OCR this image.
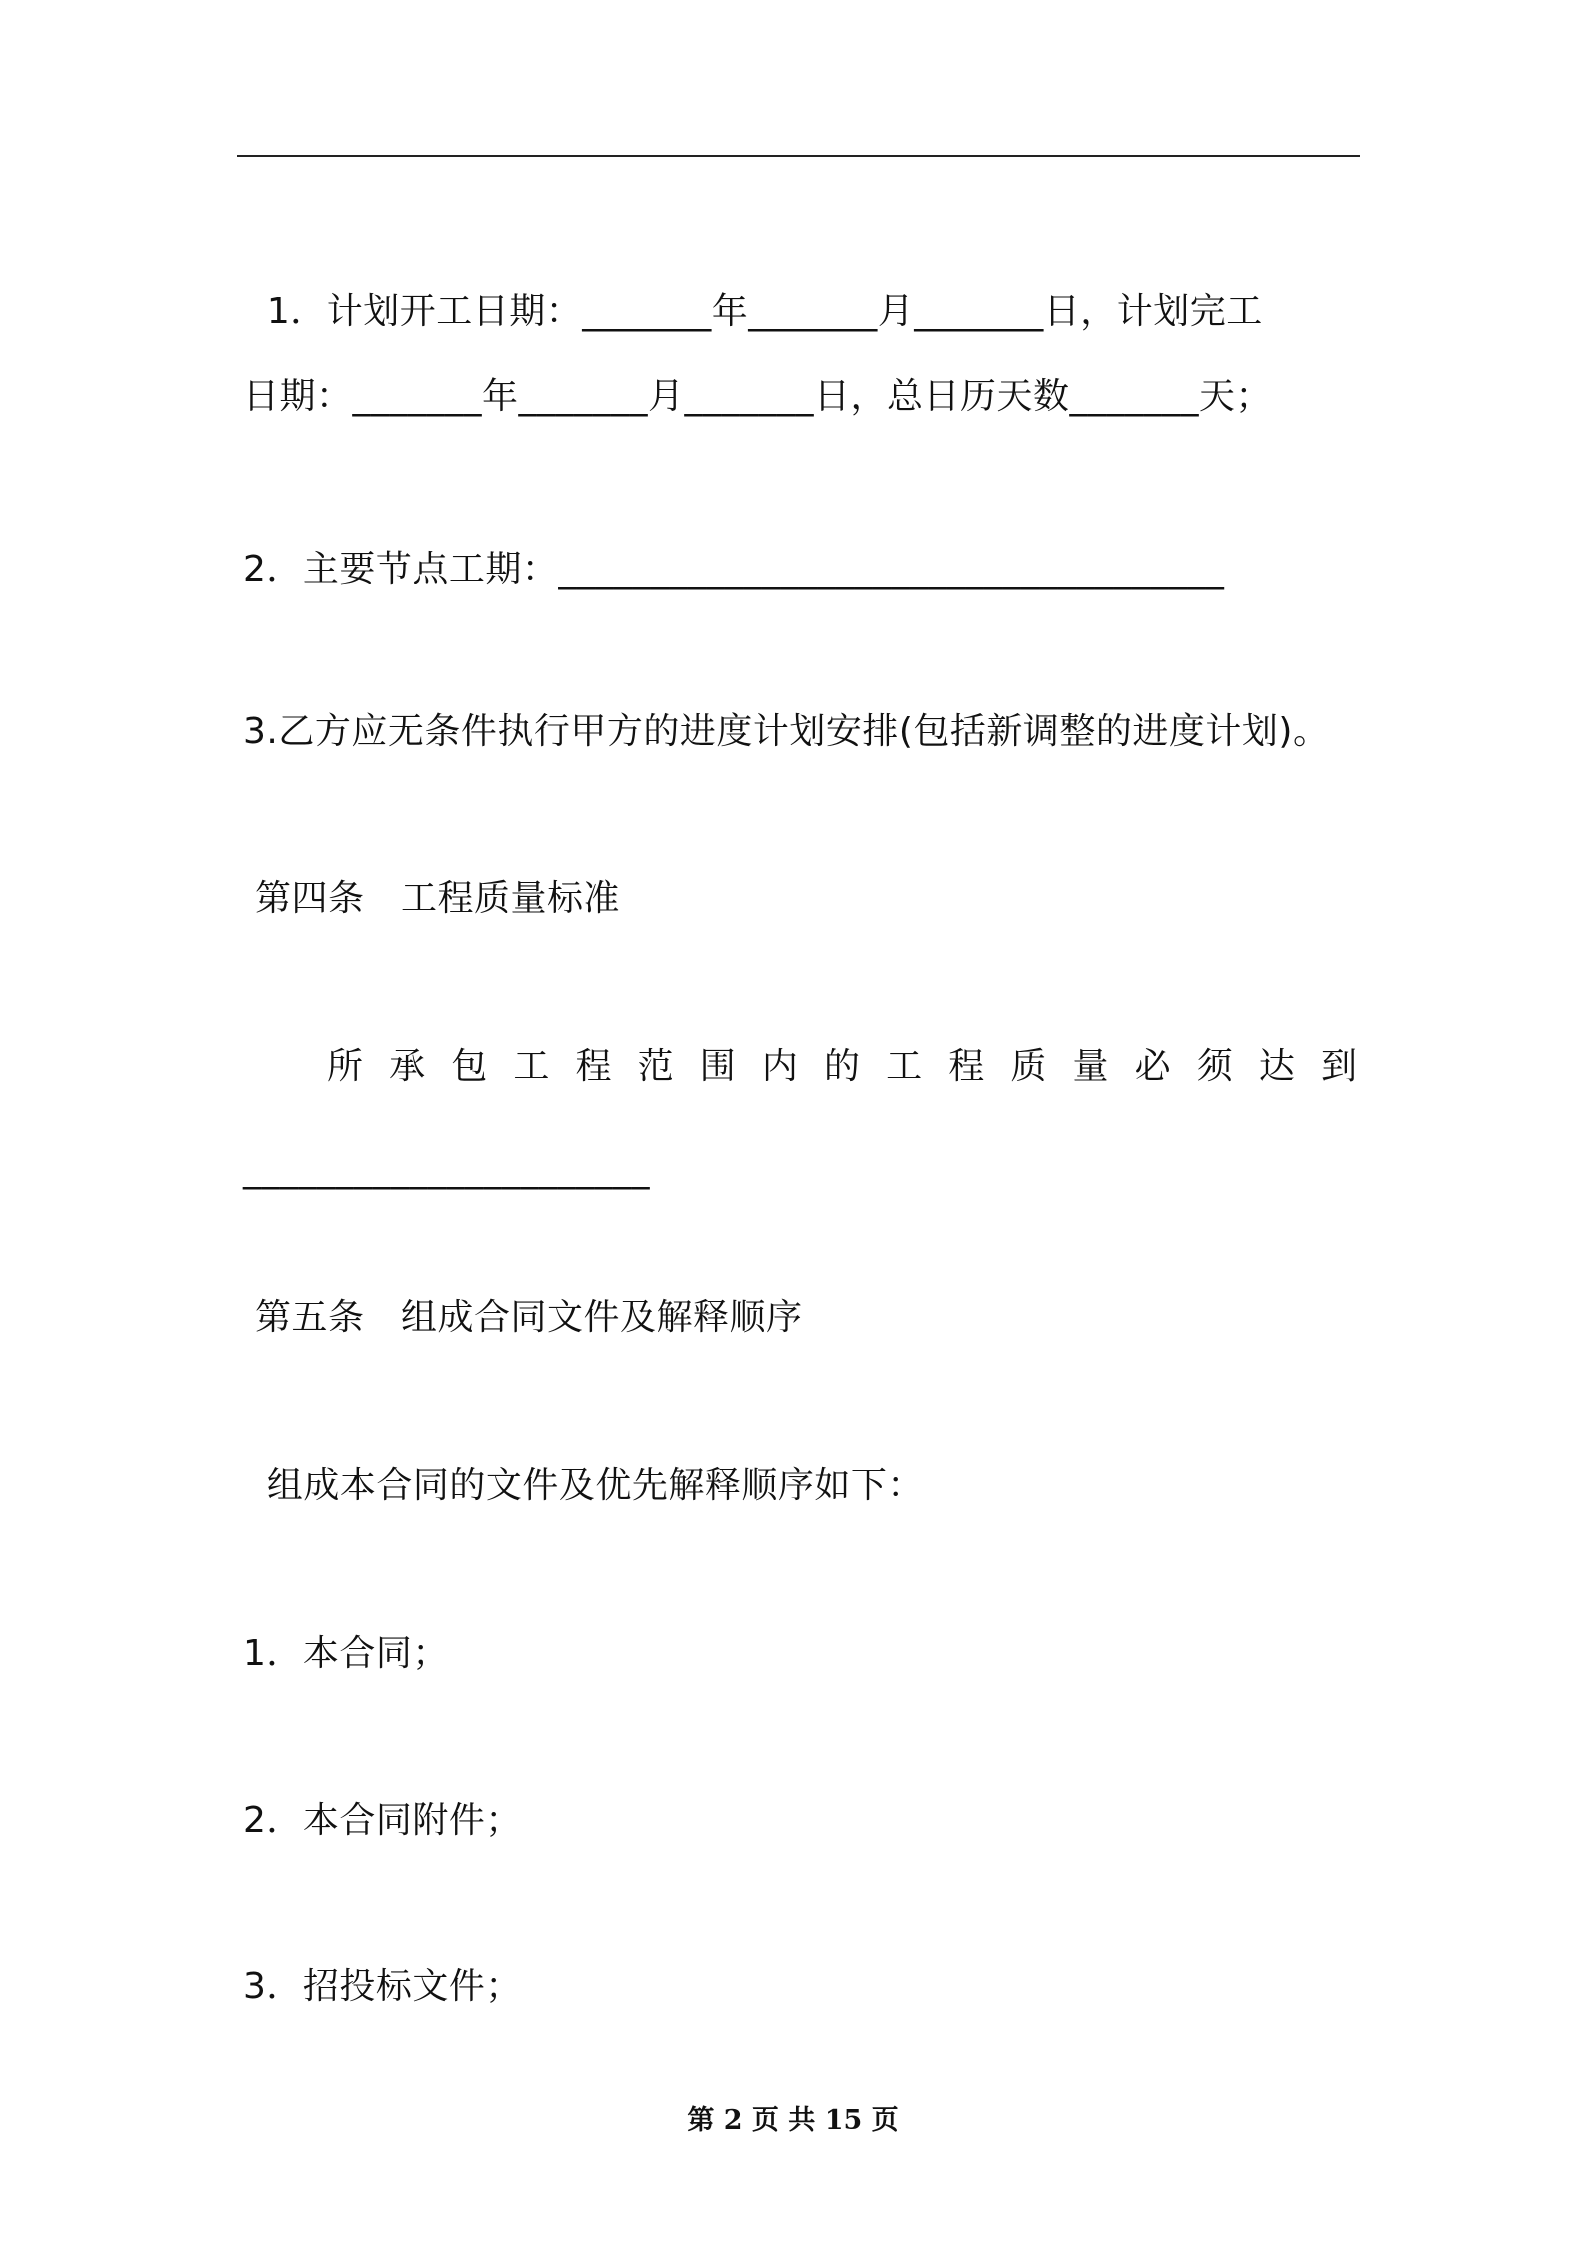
1．计划开工日期：_______年_______月_______日，计划完工
日期：_______年_______月_______日，总日历天数_______天；
2．主要节点工期：____________________________________
3.乙方应无条件执行甲方的进度计划安排(包括新调整的进度计划)。
第四条　工程质量标准
所承包工程范围内的工程质量必须达到
______________________
第五条　组成合同文件及解释顺序
组成本合同的文件及优先解释顺序如下：
1．本合同；
2．本合同附件；
3．招投标文件；
第 2 页 共 15 页
